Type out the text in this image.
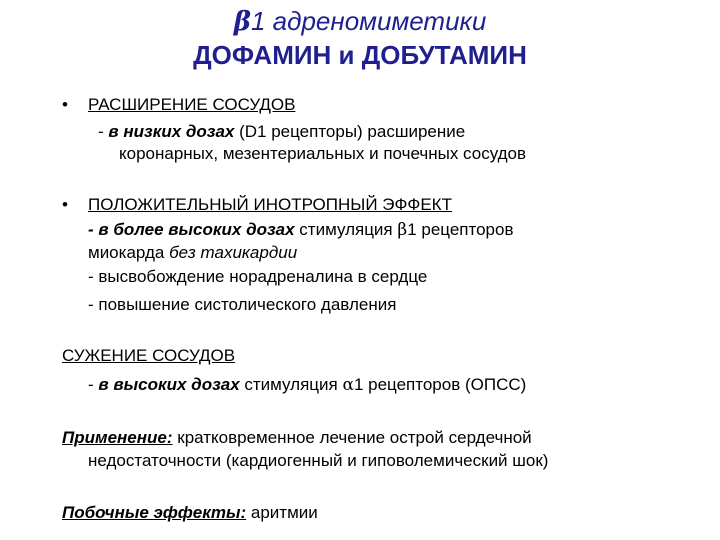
β1 адреномиметики
ДОФАМИН и ДОБУТАМИН
• РАСШИРЕНИЕ СОСУДОВ
- в низких дозах (D1 рецепторы) расширение
коронарных, мезентериальных и почечных сосудов
• ПОЛОЖИТЕЛЬНЫЙ ИНОТРОПНЫЙ ЭФФЕКТ
- в более высоких дозах стимуляция β1 рецепторов
миокарда без тахикардии
- высвобождение норадреналина в сердце
- повышение систолического давления
СУЖЕНИЕ СОСУДОВ
- в высоких дозах стимуляция α1 рецепторов (ОПСС)
Применение: кратковременное лечение острой сердечной
недостаточности (кардиогенный и гиповолемический шок)
Побочные эффекты: аритмии
